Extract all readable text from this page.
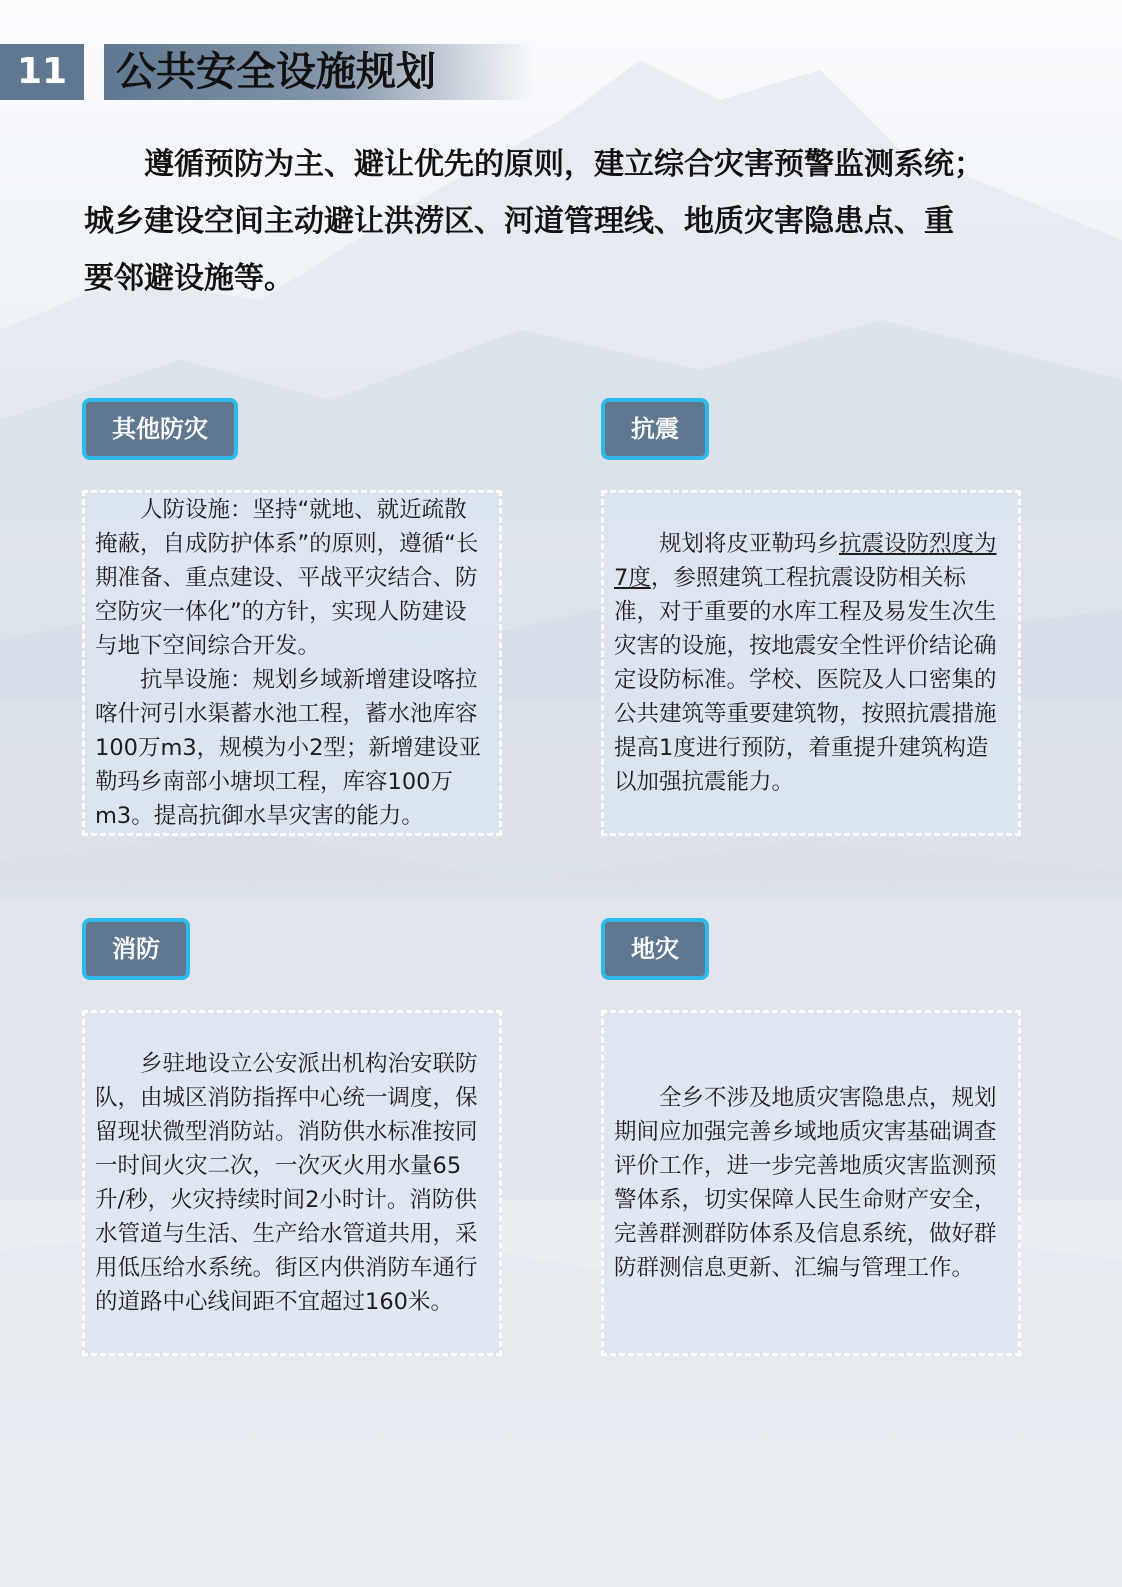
11	公共安全设施规划

遵循预防为主、避让优先的原则，建立综合灾害预警监测系统；
城乡建设空间主动避让洪涝区、河道管理线、地质灾害隐患点、重
要邻避设施等。

其他防灾

人防设施：坚持“就地、就近疏散掩蔽，自成防护体系”的原则，遵循“长期准备、重点建设、平战平灾结合、防空防灾一体化”的方针，实现人防建设与地下空间综合开发。
抗旱设施：规划乡域新增建设喀拉喀什河引水渠蓄水池工程，蓄水池库容100万m3，规模为小2型；新增建设亚勒玛乡南部小塘坝工程，库容100万m3。提高抗御水旱灾害的能力。

抗震

规划将皮亚勒玛乡抗震设防烈度为7度，参照建筑工程抗震设防相关标准，对于重要的水库工程及易发生次生灾害的设施，按地震安全性评价结论确定设防标准。学校、医院及人口密集的公共建筑等重要建筑物，按照抗震措施提高1度进行预防，着重提升建筑构造以加强抗震能力。

消防

乡驻地设立公安派出机构治安联防队，由城区消防指挥中心统一调度，保留现状微型消防站。消防供水标准按同一时间火灾二次，一次灭火用水量65升/秒，火灾持续时间2小时计。消防供水管道与生活、生产给水管道共用，采用低压给水系统。街区内供消防车通行的道路中心线间距不宜超过160米。

地灾

全乡不涉及地质灾害隐患点，规划期间应加强完善乡域地质灾害基础调查评价工作，进一步完善地质灾害监测预警体系，切实保障人民生命财产安全，完善群测群防体系及信息系统，做好群防群测信息更新、汇编与管理工作。
